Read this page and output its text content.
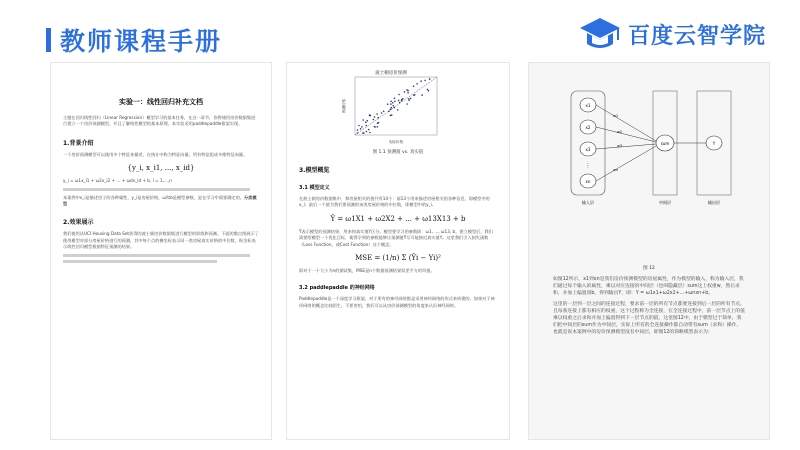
教师课程手册	百度云智学院
实验一：线性回归补充文档
主题在回归线性回归（Linear Regression）模型学习的基本任务，在这一章节，你将使用房价数据集进行建立一个房价预测模型，并且了解线性模型的基本原理，本实验采用paddlepaddle框架实现。
1.背景介绍
一个房价预测模型可以使用多个特征来描述，在统计中称为特征向量，所有特征组成多维特征向量。
{y_i, x_i1, ..., x_id}
y_i = ω1x_i1 + ω2x_i2 + ... + ωdx_id + b, i = 1,...,n
本案例中x_i是描述房子的各种属性，y_i是房屋价格，ω和b是模型参数，是在学习中需要确定的。分类模型
2.效果展示
我们使用从UCI Housing Data Set获得的波士顿房价数据集进行模型的训练和预测。下面的散点图展示了使用模型对部分房屋价格进行的预测，其中每个点的横坐标表示同一类房屋真实价格的中位数，纵坐标表示线性回归模型根据特征预测的结果。
波士顿房价预测
预测价格
实际价格
图 1.1 预测值 vs. 真实值
3.模型概览
3.1 模型定义
在波士顿房价数据集中，和房屋相关的值共有14个：前13个用来描述房屋相关的各种信息，即模型中的x_i；最后一个值为我们要预测的该类房屋价格的中位数，即模型中的y_i。
Ŷ = ω1X1 + ω2X2 + ... + ω13X13 + b
Ŷ表示模型的预测结果，用来和真实值Y区分。模型要学习的参数即：ω1, ..., ω13, b。建立模型后，我们需要给模型一个优化目标，使得学到的参数能够让预测值Ŷ尽可能接近真实值Y。这里我们引入损失函数（Loss Function，或Cost Function）这个概念。
MSE = (1/n) Σ (Ŷi − Yi)²
即对于一个大小为n的测试集，MSE是n个数据预测结果误差平方的均值。
3.2 paddlepaddle 的神经网络
Paddlepaddle是一个深度学习框架，对于所有的神经网络都是采用神经网络的形式来构建的。如果对于神经网络的概念比较陌生，不要害怕，我们可以从房价预测模型的角度来认识神经网络。
x1
x2
x3
xn
⋮
sum	Y
w1
w2
w3
wn
输入层	中间层	输出层
图 12
如图12所示，x1到xn是我们房价预测模型的房屋属性，作为模型的输入，称为输入层，我们通过每个输入的属性，乘以对应连接的中间层（也叫隐藏层）sum这上权重w，然后求和，并加上偏置项b，得到输出Y，即：Y = ω1x1+ω2x2+...+ωnxn+b。
这里的一层到一层之间的连接过程，要求前一层的所有节点都要连接到后一层的所有节点，且每条连接上都有相应的权重，这个过程称为全连接，在全连接过程中，前一层节点上的值乘以权重之后求和并加上偏置得到下一层节点的值，这里图12中，由于模型过于简单，我们把中间层的sum作为中间层，实际上所有的全连接操作都自动带有sum（求和）操作，也就是说本案例中的房价预测模型没有中间层，即图12的简略模型表示为：
